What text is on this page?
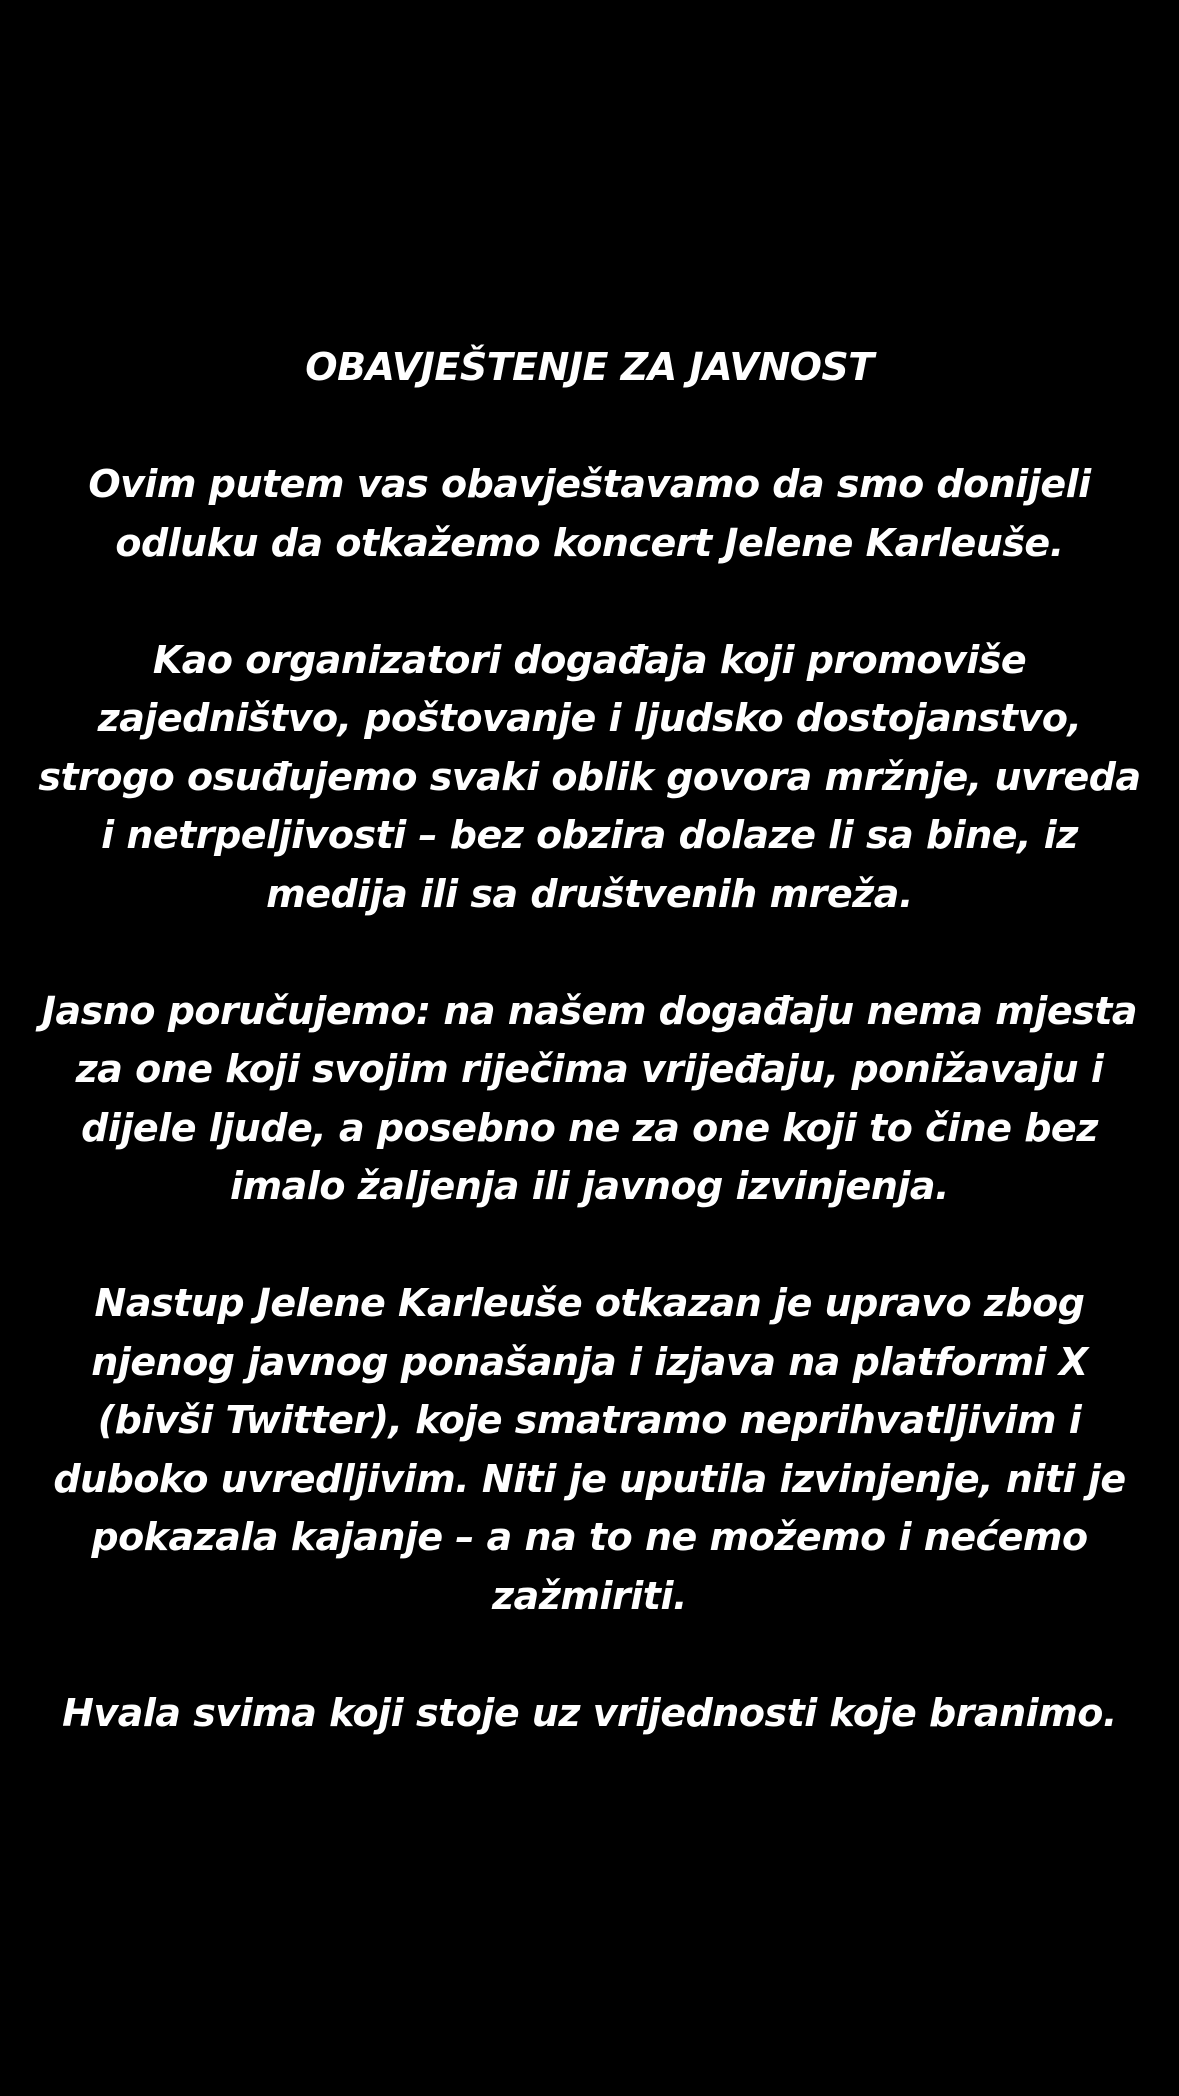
OBAVJEŠTENJE ZA JAVNOST

Ovim putem vas obavještavamo da smo donijeli odluku da otkažemo koncert Jelene Karleuše.

Kao organizatori događaja koji promoviše zajedništvo, poštovanje i ljudsko dostojanstvo, strogo osuđujemo svaki oblik govora mržnje, uvreda i netrpeljivosti – bez obzira dolaze li sa bine, iz medija ili sa društvenih mreža.

Jasno poručujemo: na našem događaju nema mjesta za one koji svojim riječima vrijeđaju, ponižavaju i dijele ljude, a posebno ne za one koji to čine bez imalo žaljenja ili javnog izvinjenja.

Nastup Jelene Karleuše otkazan je upravo zbog njenog javnog ponašanja i izjava na platformi X (bivši Twitter), koje smatramo neprihvatljivim i duboko uvredljivim. Niti je uputila izvinjenje, niti je pokazala kajanje – a na to ne možemo i nećemo zažmiriti.

Hvala svima koji stoje uz vrijednosti koje branimo.
